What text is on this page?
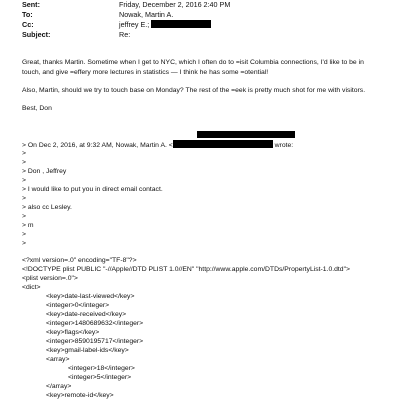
Sent:	Friday, December 2, 2016 2:40 PM
To:	Nowak, Martin A.
Cc:	jeffrey E.;
Subject:	Re:
Great, thanks Martin. Sometime when I get to NYC, which I often do to =isit Columbia connections, I'd like to be in
touch, and give =effery more lectures in statistics — I think he has some =otential!
Also, Martin, should we try to touch base on Monday? The rest of the =eek is pretty much shot for me with visitors.
Best, Don
> On Dec 2, 2016, at 9:32 AM, Nowak, Martin A. <	wrote:
>
>
> Don , Jeffrey
>
> I would like to put you in direct email contact.
>
> also cc Lesley.
>
> m
>
>
<?xml version=.0" encoding="TF-8"?>
<!DOCTYPE plist PUBLIC "-//Apple//DTD PLIST 1.0//EN" "http://www.apple.com/DTDs/PropertyList-1.0.dtd">
<plist version=.0">
<dict>
<key>date-last-viewed</key>
<integer>0</integer>
<key>date-received</key>
<integer>1480689632</integer>
<key>flags</key>
<integer>8590195717</integer>
<key>gmail-label-ids</key>
<array>
<integer>18</integer>
<integer>5</integer>
</array>
<key>remote-id</key>
